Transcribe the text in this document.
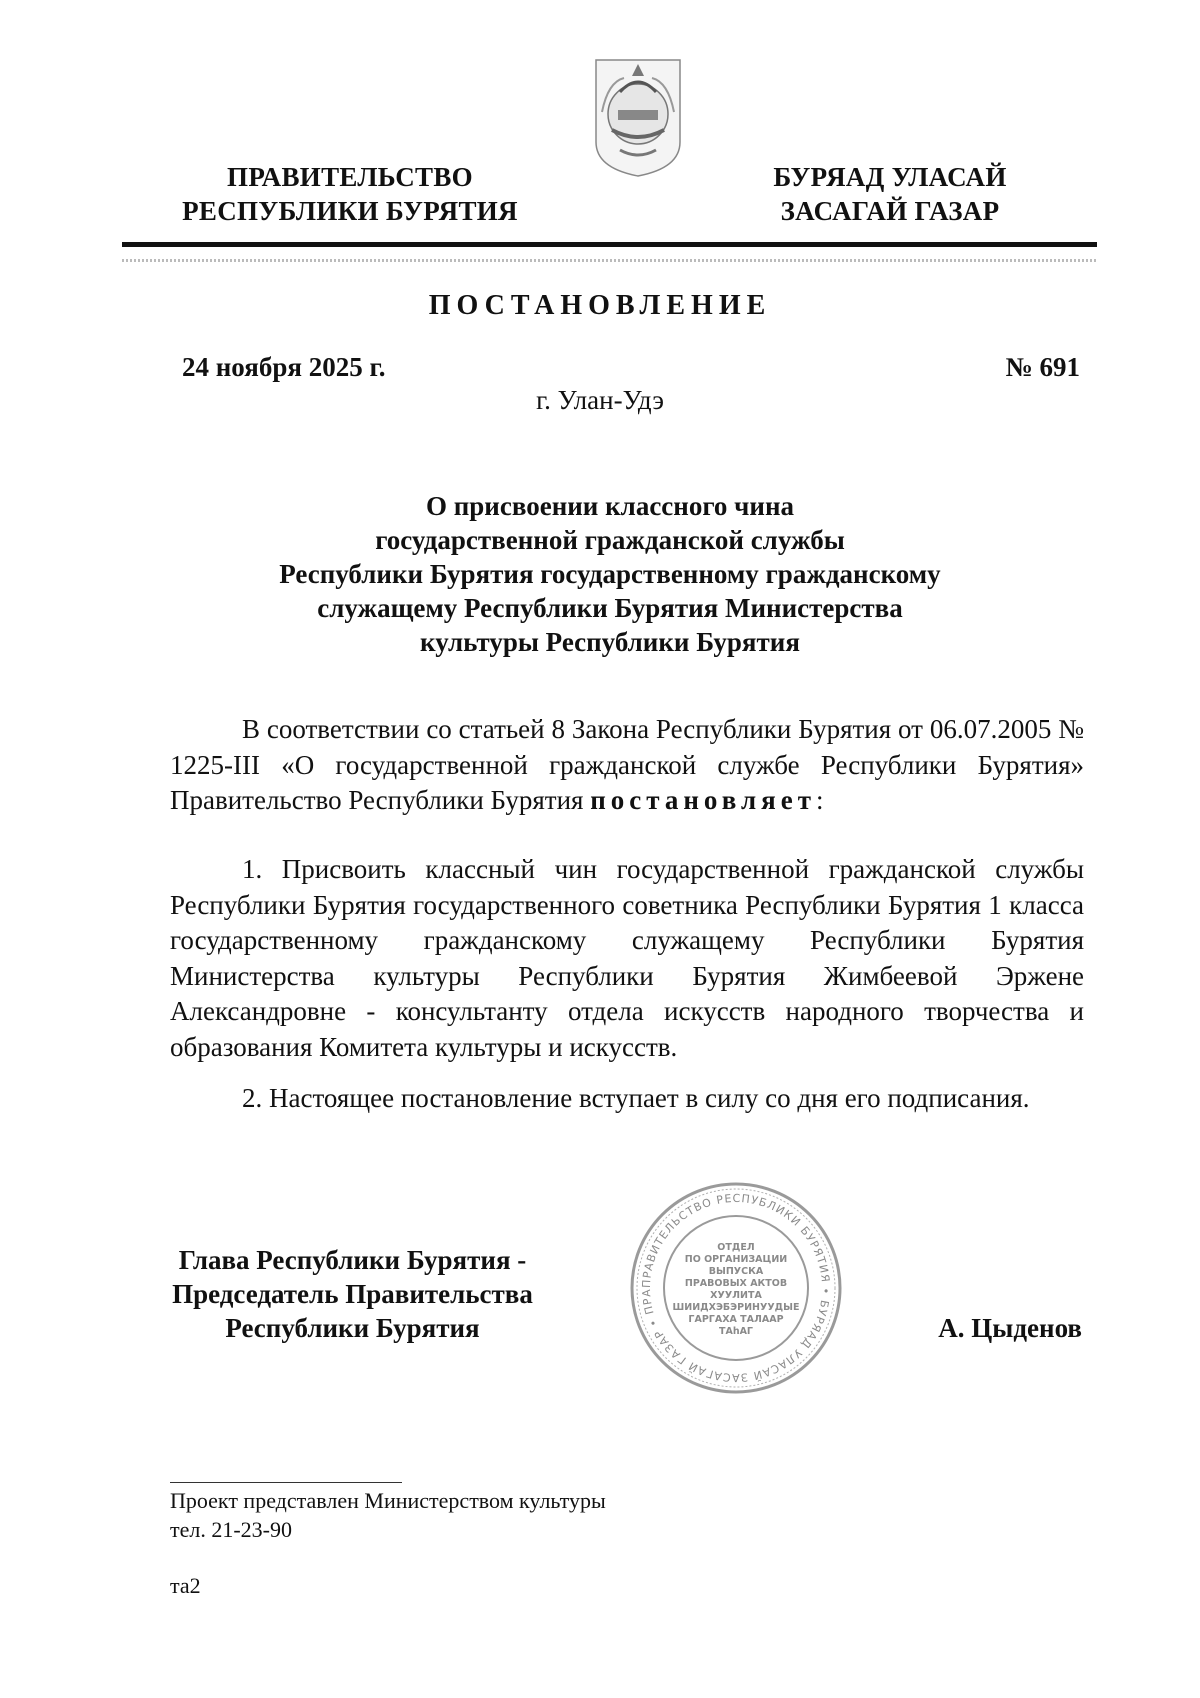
ПРАВИТЕЛЬСТВО
РЕСПУБЛИКИ БУРЯТИЯ
БУРЯАД УЛАСАЙ
ЗАСАГАЙ ГАЗАР
ПОСТАНОВЛЕНИЕ
24 ноября 2025 г.	№ 691
г. Улан-Удэ
О присвоении классного чина
государственной гражданской службы
Республики Бурятия государственному гражданскому
служащему Республики Бурятия Министерства
культуры Республики Бурятия
В соответствии со статьей 8 Закона Республики Бурятия от 06.07.2005 № 1225-III «О государственной гражданской службе Республики Бурятия» Правительство Республики Бурятия постановляет:
1. Присвоить классный чин государственной гражданской службы Республики Бурятия государственного советника Республики Бурятия 1 класса государственному гражданскому служащему Республики Бурятия Министерства культуры Республики Бурятия Жимбеевой Эржене Александровне - консультанту отдела искусств народного творчества и образования Комитета культуры и искусств.
2. Настоящее постановление вступает в силу со дня его подписания.
Глава Республики Бурятия -
Председатель Правительства
Республики Бурятия	А. Цыденов
ПРАВИТЕЛЬСТВО РЕСПУБЛИКИ БУРЯТИЯ • БУРЯАД УЛАСАЙ ЗАСАГАЙ ГАЗАР • ПРА
ОТДЕЛ
ПО ОРГАНИЗАЦИИ
ВЫПУСКА
ПРАВОВЫХ АКТОВ
ХУУЛИТА
ШИИДХЭБЭРИНУУДЫЕ
ГАРГАХА ТАЛААР
ТАһАГ
Проект представлен Министерством культуры
тел. 21-23-90
та2
